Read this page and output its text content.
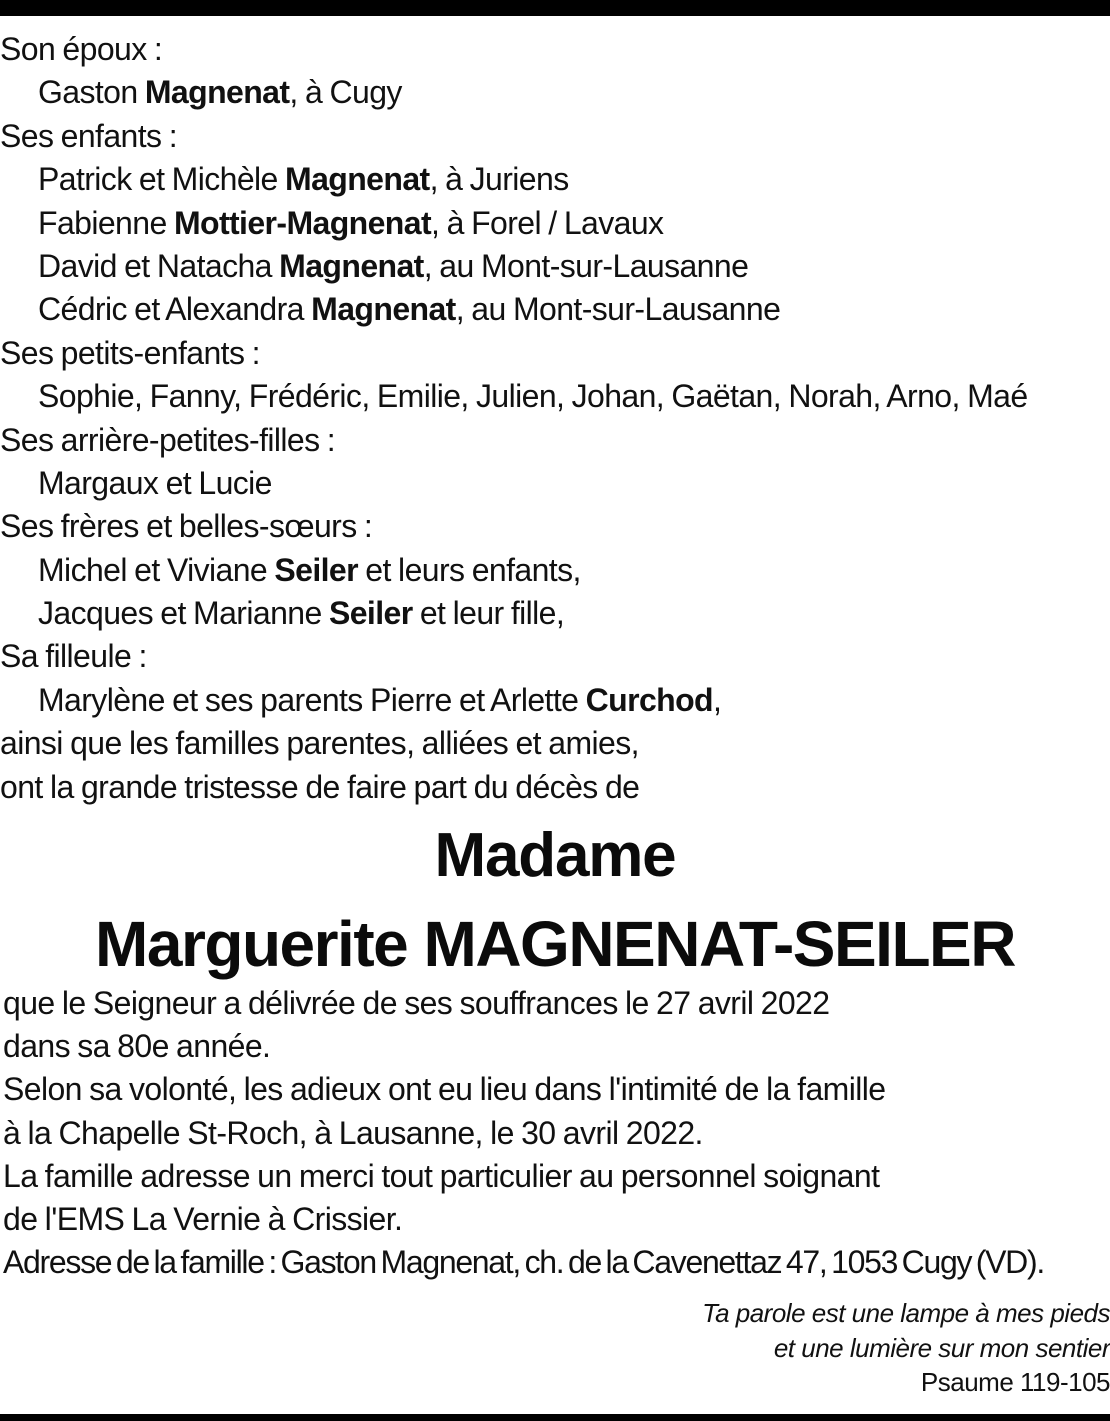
Son époux :
Gaston Magnenat, à Cugy
Ses enfants :
Patrick et Michèle Magnenat, à Juriens
Fabienne Mottier-Magnenat, à Forel / Lavaux
David et Natacha Magnenat, au Mont-sur-Lausanne
Cédric et Alexandra Magnenat, au Mont-sur-Lausanne
Ses petits-enfants :
Sophie, Fanny, Frédéric, Emilie, Julien, Johan, Gaëtan, Norah, Arno, Maé
Ses arrière-petites-filles :
Margaux et Lucie
Ses frères et belles-sœurs :
Michel et Viviane Seiler et leurs enfants,
Jacques et Marianne Seiler et leur fille,
Sa filleule :
Marylène et ses parents Pierre et Arlette Curchod,
ainsi que les familles parentes, alliées et amies,
ont la grande tristesse de faire part du décès de
Madame
Marguerite MAGNENAT-SEILER
que le Seigneur a délivrée de ses souffrances le 27 avril 2022
dans sa 80e année.
Selon sa volonté, les adieux ont eu lieu dans l'intimité de la famille
à la Chapelle St-Roch, à Lausanne, le 30 avril 2022.
La famille adresse un merci tout particulier au personnel soignant
de l'EMS La Vernie à Crissier.
Adresse de la famille : Gaston Magnenat, ch. de la Cavenettaz 47, 1053 Cugy (VD).
Ta parole est une lampe à mes pieds
et une lumière sur mon sentier
Psaume 119-105
